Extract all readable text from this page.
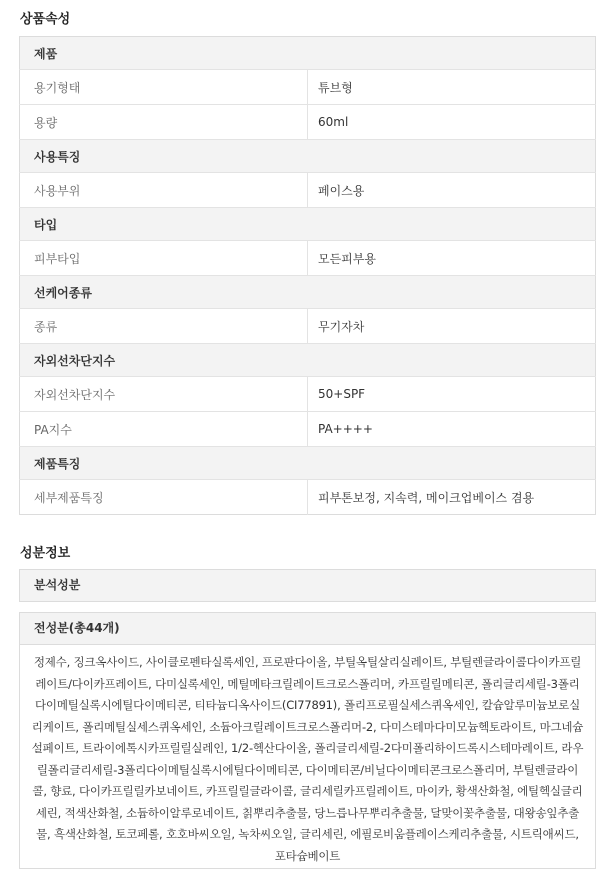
상품속성
제품	
용기형태	튜브형
용량	60ml
사용특징	
사용부위	페이스용
타입	
피부타입	모든피부용
선케어종류	
종류	무기자차
자외선차단지수	
자외선차단지수	50+SPF
PA지수	PA++++
제품특징	
세부제품특징	피부톤보정, 지속력, 메이크업베이스 겸용
성분정보
분석성분
전성분(총44개)

정제수, 징크옥사이드, 사이클로펜타실록세인, 프로판다이올, 부틸옥틸살리실레이트, 부틸렌글라이콜다이카프릴레이트/다이카프레이트, 다미실록세인, 메틸메타크릴레이트크로스폴리머, 카프릴릴메티콘, 폴리글리세릴-3폴리다이메틸실록시에틸다이메티콘, 티타늄디옥사이드(CI77891), 폴리프로필실세스퀴옥세인, 칼슘알루미늄보로실리케이트, 폴리메틸실세스퀴옥세인, 소듐아크릴레이트크로스폴리머-2, 다미스테마다미모늄헥토라이트, 마그네슘설페이트, 트라이에톡시카프릴릴실레인, 1/2-헥산다이올, 폴리글리세릴-2다미폴리하이드록시스테마레이트, 라우릴폴리글리세릴-3폴리다이메틸실록시에틸다이메티콘, 다이메티콘/비닐다이메티콘크로스폴리머, 부틸렌글라이콜, 향료, 다이카프릴릴카보네이트, 카프릴릴글라이콜, 글리세릴카프릴레이트, 마이카, 황색산화철, 에틸헥실글리세린, 적색산화철, 소듐하이알루로네이트, 칡뿌리추출물, 당느릅나무뿌리추출물, 달맞이꽃추출물, 대왕송잎추출물, 흑색산화철, 토코페롤, 호호바씨오일, 녹차씨오일, 글리세린, 에필로비움플레이스케리추출물, 시트릭애씨드, 포타슘베이트
